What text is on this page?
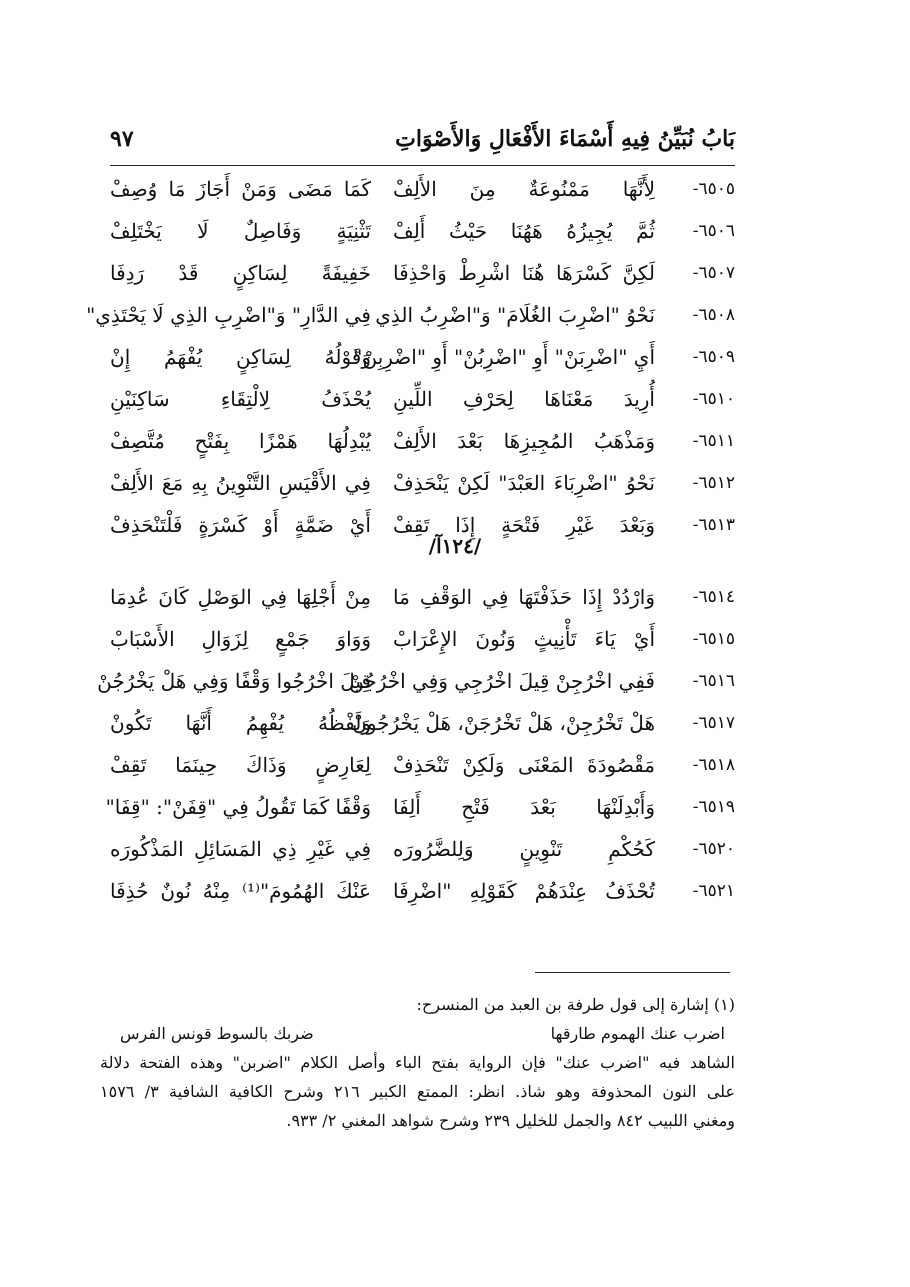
بَابُ نُبَيِّنُ فِيهِ أَسْمَاءَ الأَفْعَالِ وَالأَصْوَاتِ
٩٧
٦٥٠٥-
لِأَنَّهَا مَمْنُوعَةٌ مِنَ الأَلِفْ
كَمَا مَضَى وَمَنْ أَجَازَ مَا وُصِفْ
٦٥٠٦-
ثُمَّ يُجِيزُهُ هَهُنَا حَيْثُ أَلِفْ
تَثْنِيَةٍ وَفَاصِلٌ لَا يَخْتَلِفْ
٦٥٠٧-
لَكِنَّ كَسْرَهَا هُنَا اشْرِطْ وَاحْذِفَا
خَفِيفَةً لِسَاكِنٍ قَدْ رَدِفَا
٦٥٠٨-
نَحْوُ "اضْرِبَ الغُلَامَ" وَ"اضْرِبُ الذِي
فِي الدَّارِ" وَ"اضْرِبِ الذِي لَا يَحْتَذِي"
٦٥٠٩-
أَيِ "اضْرِبَنْ" أَوِ "اضْرِبُنْ" أَوِ "اضْرِبِنْ"
وَقَوْلُهُ لِسَاكِنٍ يُفْهَمُ إِنْ
٦٥١٠-
أُرِيدَ مَعْنَاهَا لِحَرْفِ اللِّينِ
يُحْذَفُ لِالْتِقَاءِ سَاكِنَيْنِ
٦٥١١-
وَمَذْهَبُ المُجِيزِهَا بَعْدَ الأَلِفْ
يُبْدِلُهَا هَمْزًا بِفَتْحٍ مُتَّصِفْ
٦٥١٢-
نَحْوُ "اضْرِبَاءَ العَبْدَ" لَكِنْ يَنْحَذِفْ
فِي الأَقْيَسِ التَّنْوِينُ بِهِ مَعَ الأَلِفْ
٦٥١٣-
وَبَعْدَ غَيْرِ فَتْحَةٍ إِذَا تَقِفْ
أَيْ ضَمَّةٍ أَوْ كَسْرَةٍ فَلْتَنْحَذِفْ
/١٢٤آ/
٦٥١٤-
وَارْدُدْ إِذَا حَذَفْتَهَا فِي الوَقْفِ مَا
مِنْ أَجْلِهَا فِي الوَصْلِ كَانَ عُدِمَا
٦٥١٥-
أَيْ يَاءَ تَأْنِيثٍ وَنُونَ الإِعْرَابْ
وَوَاوَ جَمْعٍ لِزَوَالِ الأَسْبَابْ
٦٥١٦-
فَفِي اخْرُجِنْ قِيلَ اخْرُجِي وَفِي اخْرُجُنْ
قِيلَ اخْرُجُوا وَقْفًا وَفِي هَلْ يَخْرُجُنْ
٦٥١٧-
هَلْ تَخْرُجِنْ، هَلْ تَخْرُجَنْ، هَلْ يَخْرُجُونْ
وَلَفْظُهُ يُفْهِمُ أَنَّهَا تَكُونْ
٦٥١٨-
مَقْصُودَةَ المَعْنَى وَلَكِنْ تَنْحَذِفْ
لِعَارِضٍ وَذَاكَ حِينَمَا تَقِفْ
٦٥١٩-
وَأَبْدِلَنْهَا بَعْدَ فَتْحِ أَلِفَا
وَقْفًا كَمَا تَقُولُ فِي "قِفَنْ": "قِفَا"
٦٥٢٠-
كَحُكْمِ تَنْوِينٍ وَلِلضَّرُورَه
فِي غَيْرِ ذِي المَسَائِلِ المَذْكُورَه
٦٥٢١-
تُحْذَفُ عِنْدَهُمْ كَقَوْلِهِ "اضْرِفَا
عَنْكَ الهُمُومَ"⁽¹⁾ مِنْهُ نُونٌ حُذِفَا
(١) إشارة إلى قول طرفة بن العبد من المنسرح:
اضرب عنك الهموم طارقها
ضربك بالسوط قونس الفرس
الشاهد فيه "اضرب عنك" فإن الرواية بفتح الباء وأصل الكلام "اضربن" وهذه الفتحة دلالة
على النون المحذوفة وهو شاذ. انظر: الممتع الكبير ٢١٦ وشرح الكافية الشافية ٣/ ١٥٧٦
ومغني اللبيب ٨٤٢ والجمل للخليل ٢٣٩ وشرح شواهد المغني ٢/ ٩٣٣.
